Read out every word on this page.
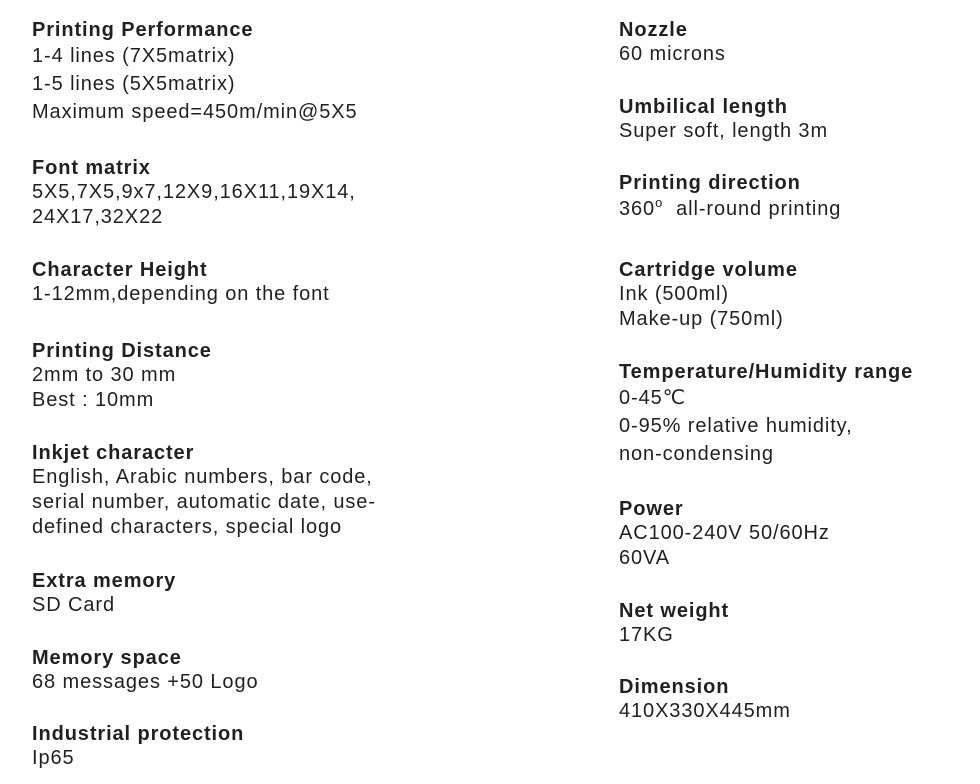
Printing Performance
1-4 lines (7X5matrix)
1-5 lines (5X5matrix)
Maximum speed=450m/min@5X5
Font matrix
5X5,7X5,9x7,12X9,16X11,19X14,
24X17,32X22
Character Height
1-12mm,depending on the font
Printing Distance
2mm to 30 mm
Best : 10mm
Inkjet character
English, Arabic numbers, bar code,
serial number, automatic date, use-
defined characters, special logo
Extra memory
SD Card
Memory space
68 messages +50 Logo
Industrial protection
Ip65
Nozzle
60 microns
Umbilical length
Super soft, length 3m
Printing direction
360$^o$  all-round printing
Cartridge volume
Ink (500ml)
Make-up (750ml)
Temperature/Humidity range
0-45℃
0-95% relative humidity,
non-condensing
Power
AC100-240V 50/60Hz
60VA
Net weight
17KG
Dimension
410X330X445mm
